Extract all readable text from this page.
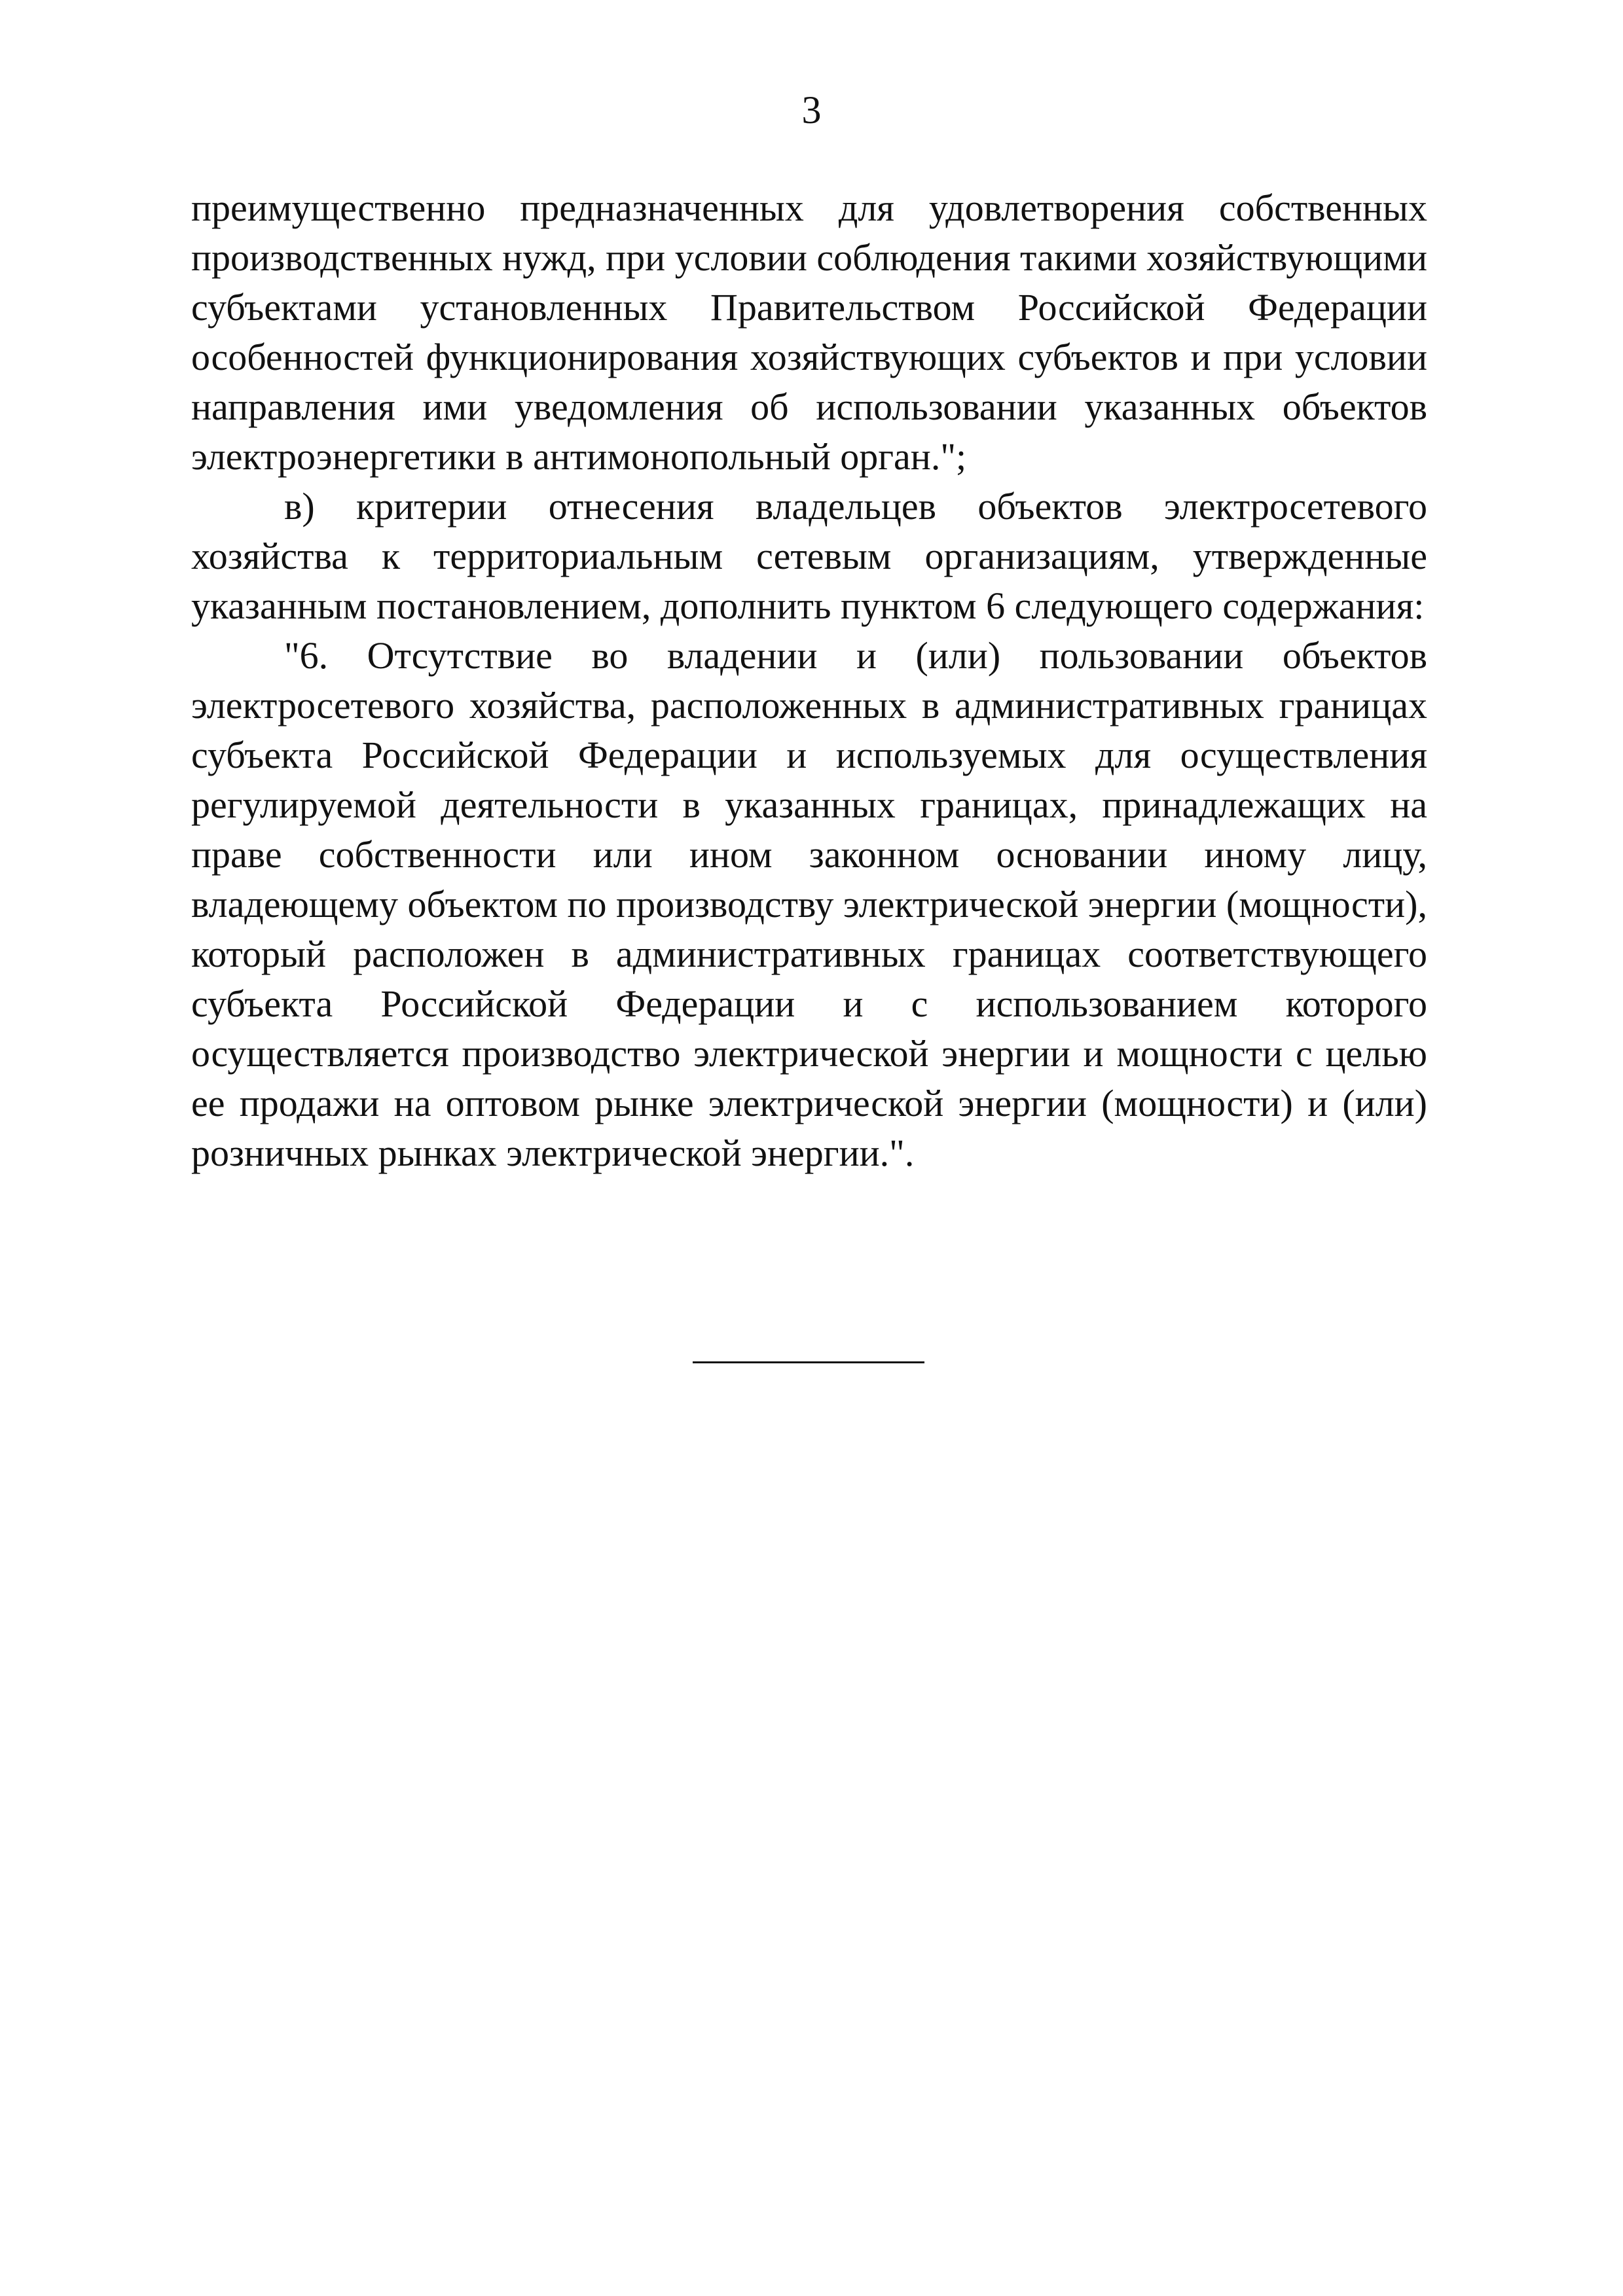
3

преимущественно предназначенных для удовлетворения собственных производственных нужд, при условии соблюдения такими хозяйствующими субъектами установленных Правительством Российской Федерации особенностей функционирования хозяйствующих субъектов и при условии направления ими уведомления об использовании указанных объектов электроэнергетики в антимонопольный орган.";

в) критерии отнесения владельцев объектов электросетевого хозяйства к территориальным сетевым организациям, утвержденные указанным постановлением, дополнить пунктом 6 следующего содержания:

"6. Отсутствие во владении и (или) пользовании объектов электросетевого хозяйства, расположенных в административных границах субъекта Российской Федерации и используемых для осуществления регулируемой деятельности в указанных границах, принадлежащих на праве собственности или ином законном основании иному лицу, владеющему объектом по производству электрической энергии (мощности), который расположен в административных границах соответствующего субъекта Российской Федерации и с использованием которого осуществляется производство электрической энергии и мощности с целью ее продажи на оптовом рынке электрической энергии (мощности) и (или) розничных рынках электрической энергии.".
